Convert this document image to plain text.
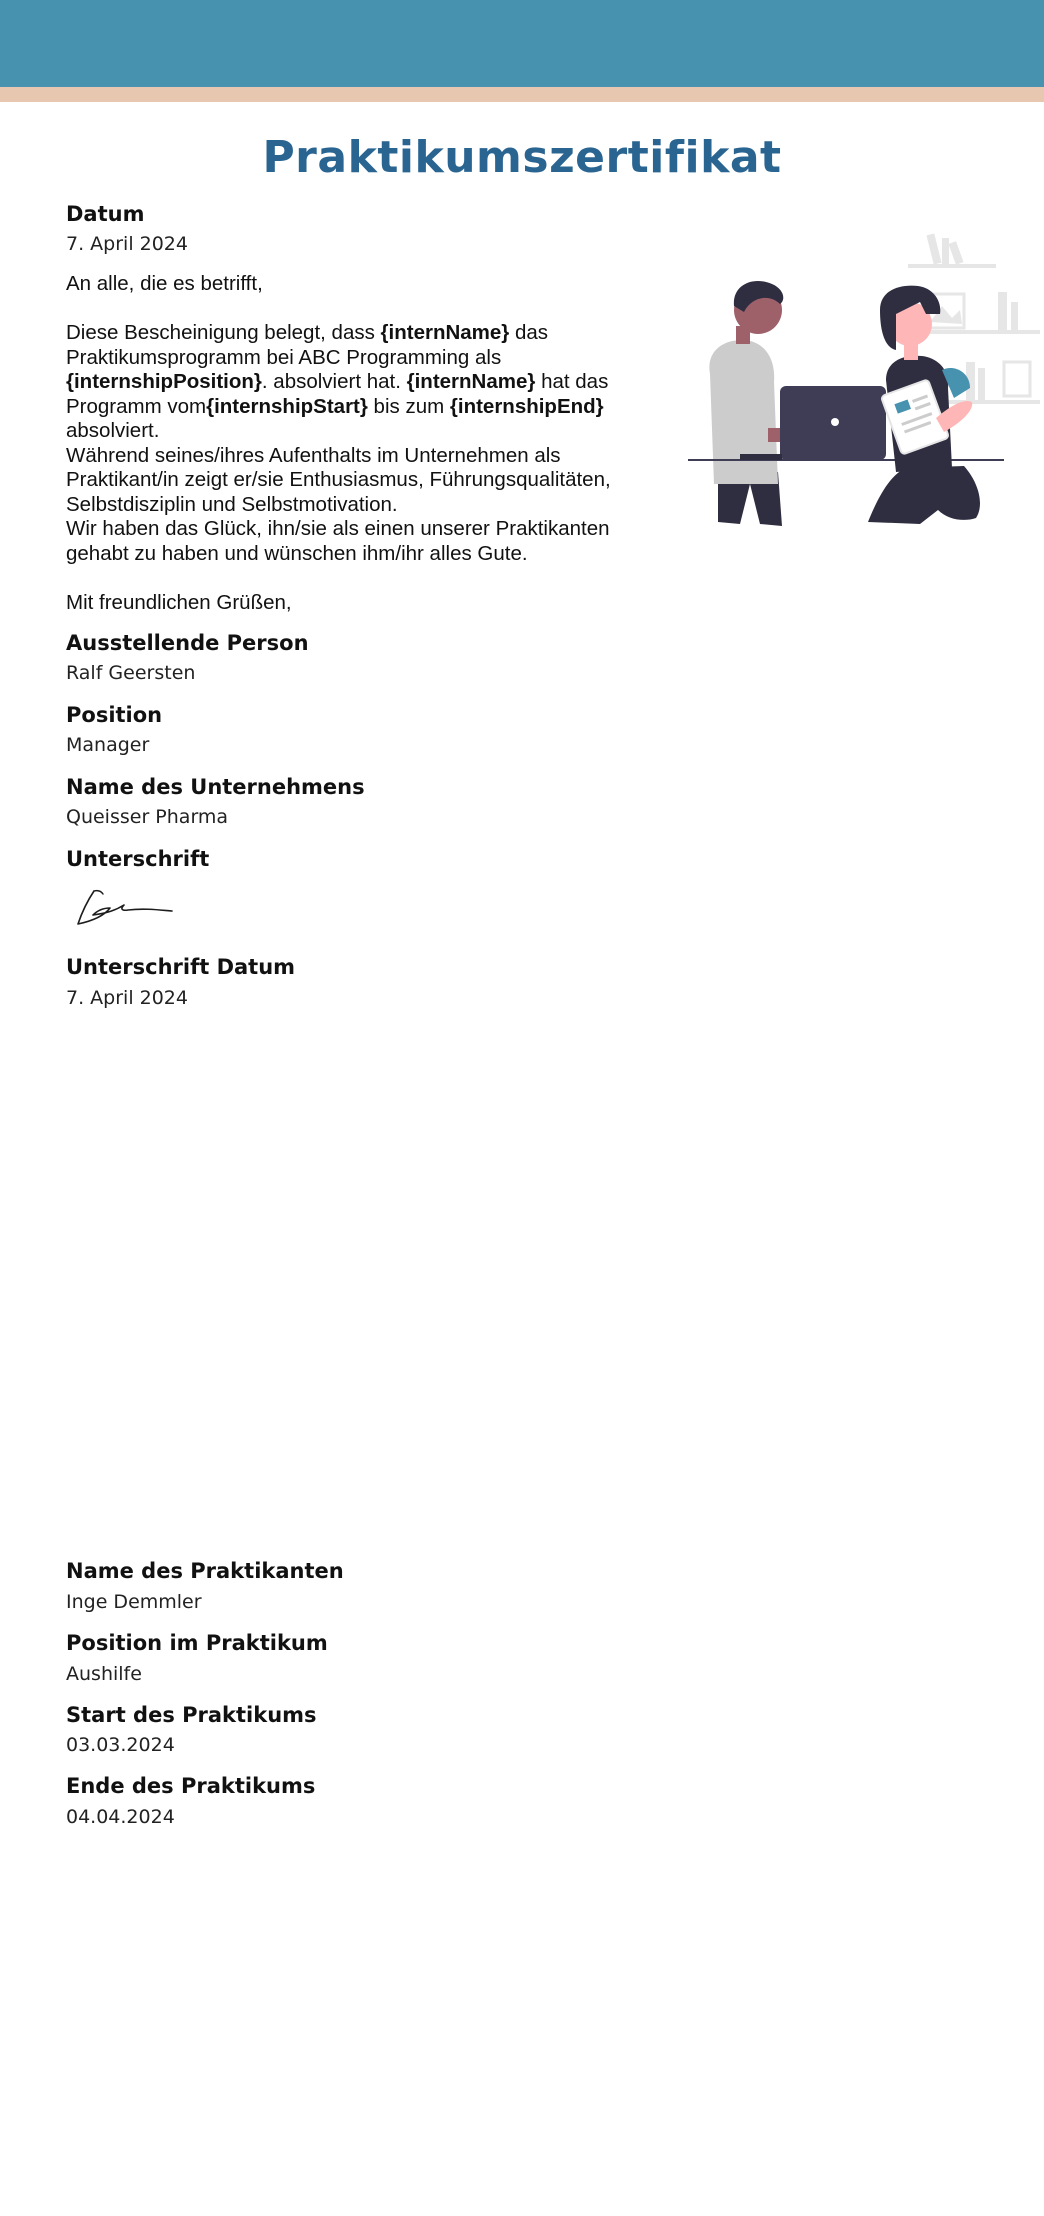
Praktikumszertifikat
Datum
7. April 2024

An alle, die es betrifft,

Diese Bescheinigung belegt, dass {internName} das Praktikumsprogramm bei ABC Programming als {internshipPosition}. absolviert hat. {internName} hat das Programm vom{internshipStart} bis zum {internshipEnd} absolviert.

Während seines/ihres Aufenthalts im Unternehmen als Praktikant/in zeigt er/sie Enthusiasmus, Führungsqualitäten, Selbstdisziplin und Selbstmotivation.

Wir haben das Glück, ihn/sie als einen unserer Praktikanten gehabt zu haben und wünschen ihm/ihr alles Gute.

Mit freundlichen Grüßen,

Ausstellende Person
Ralf Geersten
Position
Manager
Name des Unternehmens
Queisser Pharma
Unterschrift
Unterschrift Datum
7. April 2024
Name des Praktikanten
Inge Demmler
Position im Praktikum
Aushilfe
Start des Praktikums
03.03.2024
Ende des Praktikums
04.04.2024
